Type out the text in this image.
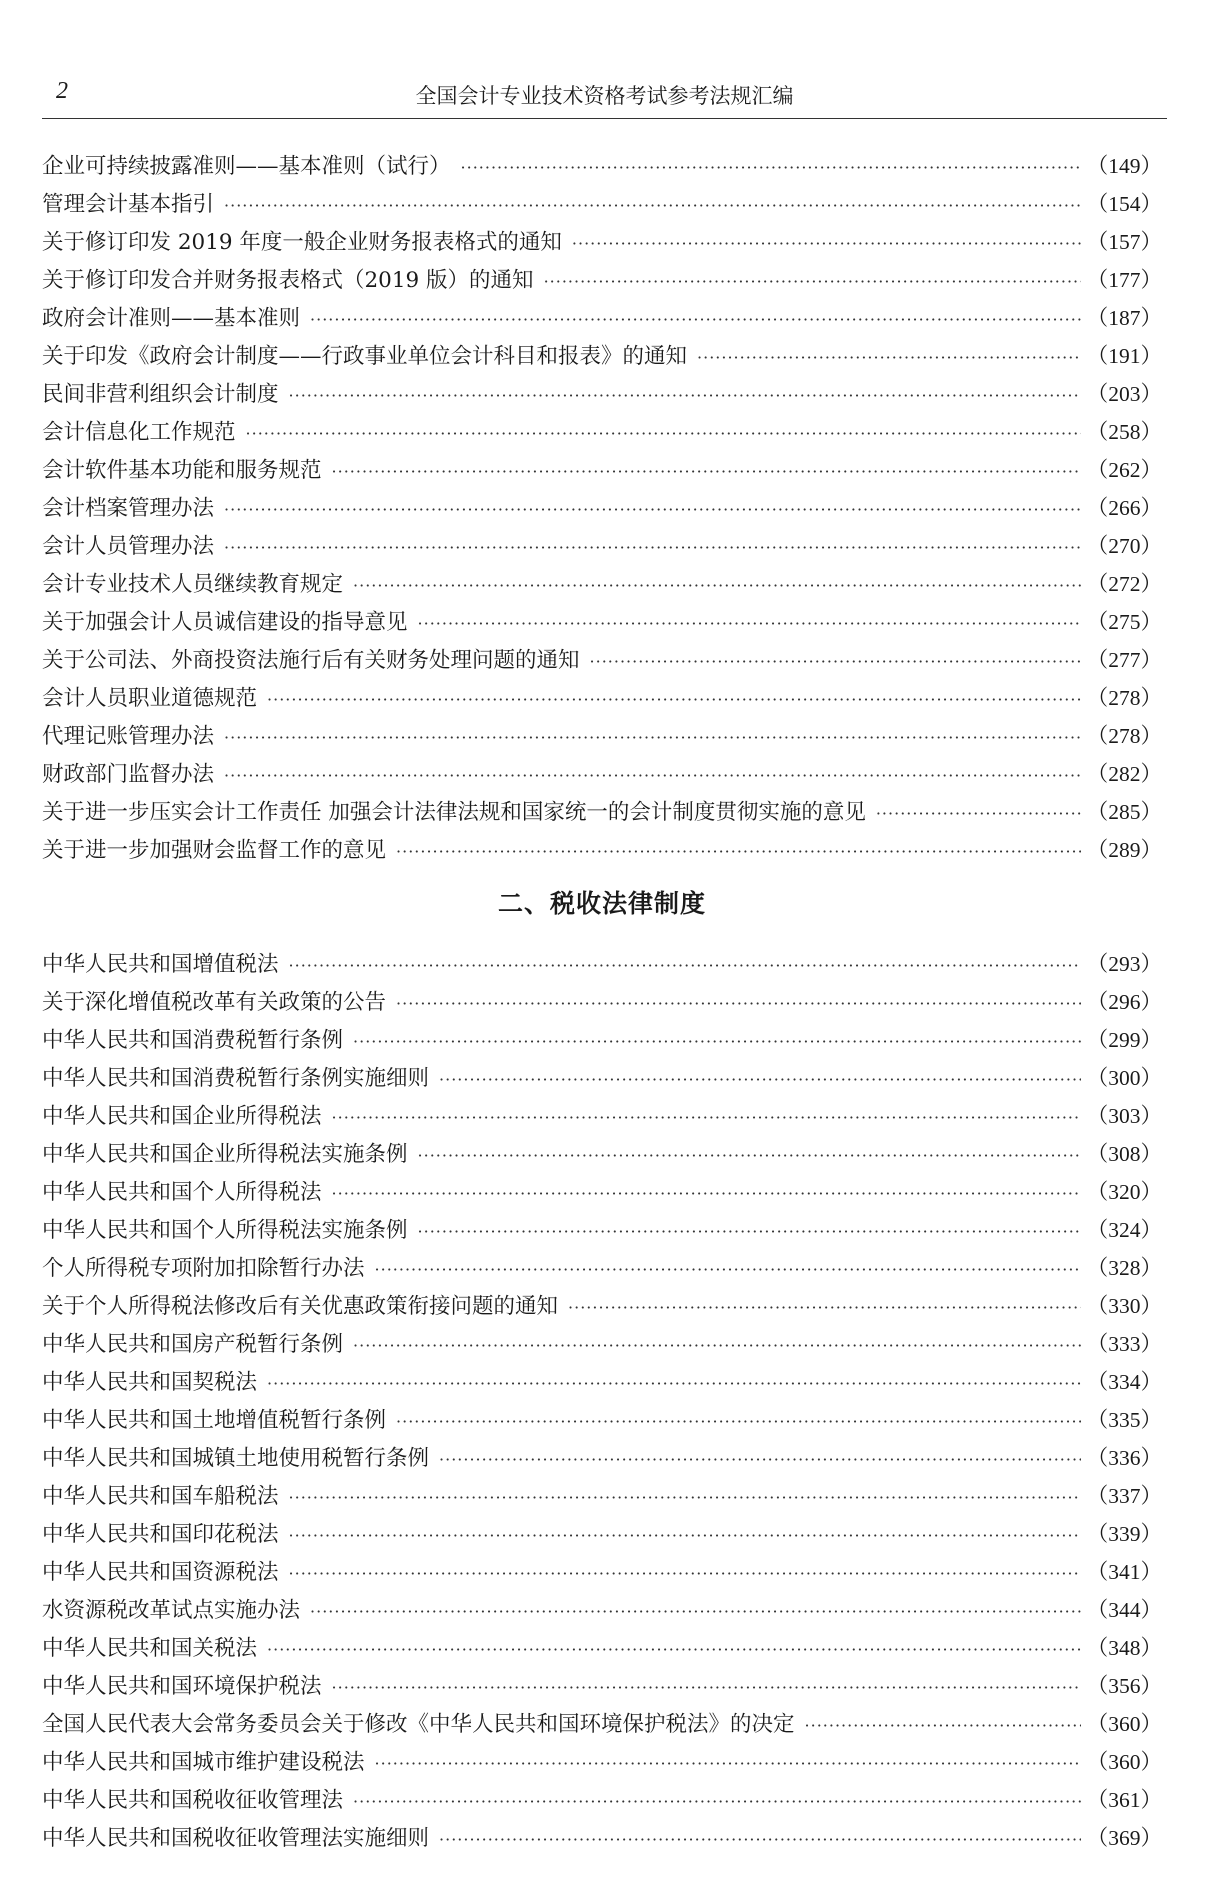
2	全国会计专业技术资格考试参考法规汇编
企业可持续披露准则——基本准则（试行） ·····	（149）
管理会计基本指引 ·····	（154）
关于修订印发 2019 年度一般企业财务报表格式的通知 ·····	（157）
关于修订印发合并财务报表格式（2019 版）的通知 ·····	（177）
政府会计准则——基本准则 ·····	（187）
关于印发《政府会计制度——行政事业单位会计科目和报表》的通知 ·····	（191）
民间非营利组织会计制度 ·····	（203）
会计信息化工作规范 ·····	（258）
会计软件基本功能和服务规范 ·····	（262）
会计档案管理办法 ·····	（266）
会计人员管理办法 ·····	（270）
会计专业技术人员继续教育规定 ·····	（272）
关于加强会计人员诚信建设的指导意见 ·····	（275）
关于公司法、外商投资法施行后有关财务处理问题的通知 ·····	（277）
会计人员职业道德规范 ·····	（278）
代理记账管理办法 ·····	（278）
财政部门监督办法 ·····	（282）
关于进一步压实会计工作责任 加强会计法律法规和国家统一的会计制度贯彻实施的意见 ·····	（285）
关于进一步加强财会监督工作的意见 ·····	（289）
二、税收法律制度
中华人民共和国增值税法 ·····	（293）
关于深化增值税改革有关政策的公告 ·····	（296）
中华人民共和国消费税暂行条例 ·····	（299）
中华人民共和国消费税暂行条例实施细则 ·····	（300）
中华人民共和国企业所得税法 ·····	（303）
中华人民共和国企业所得税法实施条例 ·····	（308）
中华人民共和国个人所得税法 ·····	（320）
中华人民共和国个人所得税法实施条例 ·····	（324）
个人所得税专项附加扣除暂行办法 ·····	（328）
关于个人所得税法修改后有关优惠政策衔接问题的通知 ·····	（330）
中华人民共和国房产税暂行条例 ·····	（333）
中华人民共和国契税法 ·····	（334）
中华人民共和国土地增值税暂行条例 ·····	（335）
中华人民共和国城镇土地使用税暂行条例 ·····	（336）
中华人民共和国车船税法 ·····	（337）
中华人民共和国印花税法 ·····	（339）
中华人民共和国资源税法 ·····	（341）
水资源税改革试点实施办法 ·····	（344）
中华人民共和国关税法 ·····	（348）
中华人民共和国环境保护税法 ·····	（356）
全国人民代表大会常务委员会关于修改《中华人民共和国环境保护税法》的决定 ·····	（360）
中华人民共和国城市维护建设税法 ·····	（360）
中华人民共和国税收征收管理法 ·····	（361）
中华人民共和国税收征收管理法实施细则 ·····	（369）
